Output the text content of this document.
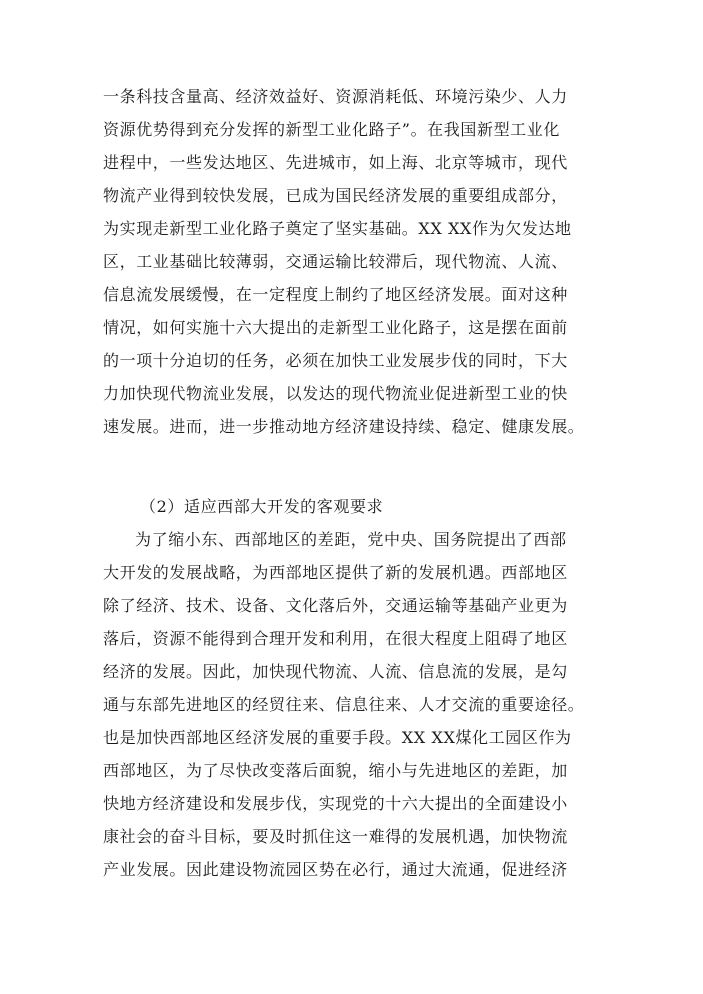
一条科技含量高、经济效益好、资源消耗低、环境污染少、人力
资源优势得到充分发挥的新型工业化路子”。在我国新型工业化
进程中，一些发达地区、先进城市，如上海、北京等城市，现代
物流产业得到较快发展，已成为国民经济发展的重要组成部分，
为实现走新型工业化路子奠定了坚实基础。XX XX作为欠发达地
区，工业基础比较薄弱，交通运输比较滞后，现代物流、人流、
信息流发展缓慢，在一定程度上制约了地区经济发展。面对这种
情况，如何实施十六大提出的走新型工业化路子，这是摆在面前
的一项十分迫切的任务，必须在加快工业发展步伐的同时，下大
力加快现代物流业发展，以发达的现代物流业促进新型工业的快
速发展。进而，进一步推动地方经济建设持续、稳定、健康发展。
（2）适应西部大开发的客观要求
为了缩小东、西部地区的差距，党中央、国务院提出了西部
大开发的发展战略，为西部地区提供了新的发展机遇。西部地区
除了经济、技术、设备、文化落后外，交通运输等基础产业更为
落后，资源不能得到合理开发和利用，在很大程度上阻碍了地区
经济的发展。因此，加快现代物流、人流、信息流的发展，是勾
通与东部先进地区的经贸往来、信息往来、人才交流的重要途径。
也是加快西部地区经济发展的重要手段。XX XX煤化工园区作为
西部地区，为了尽快改变落后面貌，缩小与先进地区的差距，加
快地方经济建设和发展步伐，实现党的十六大提出的全面建设小
康社会的奋斗目标，要及时抓住这一难得的发展机遇，加快物流
产业发展。因此建设物流园区势在必行，通过大流通，促进经济
